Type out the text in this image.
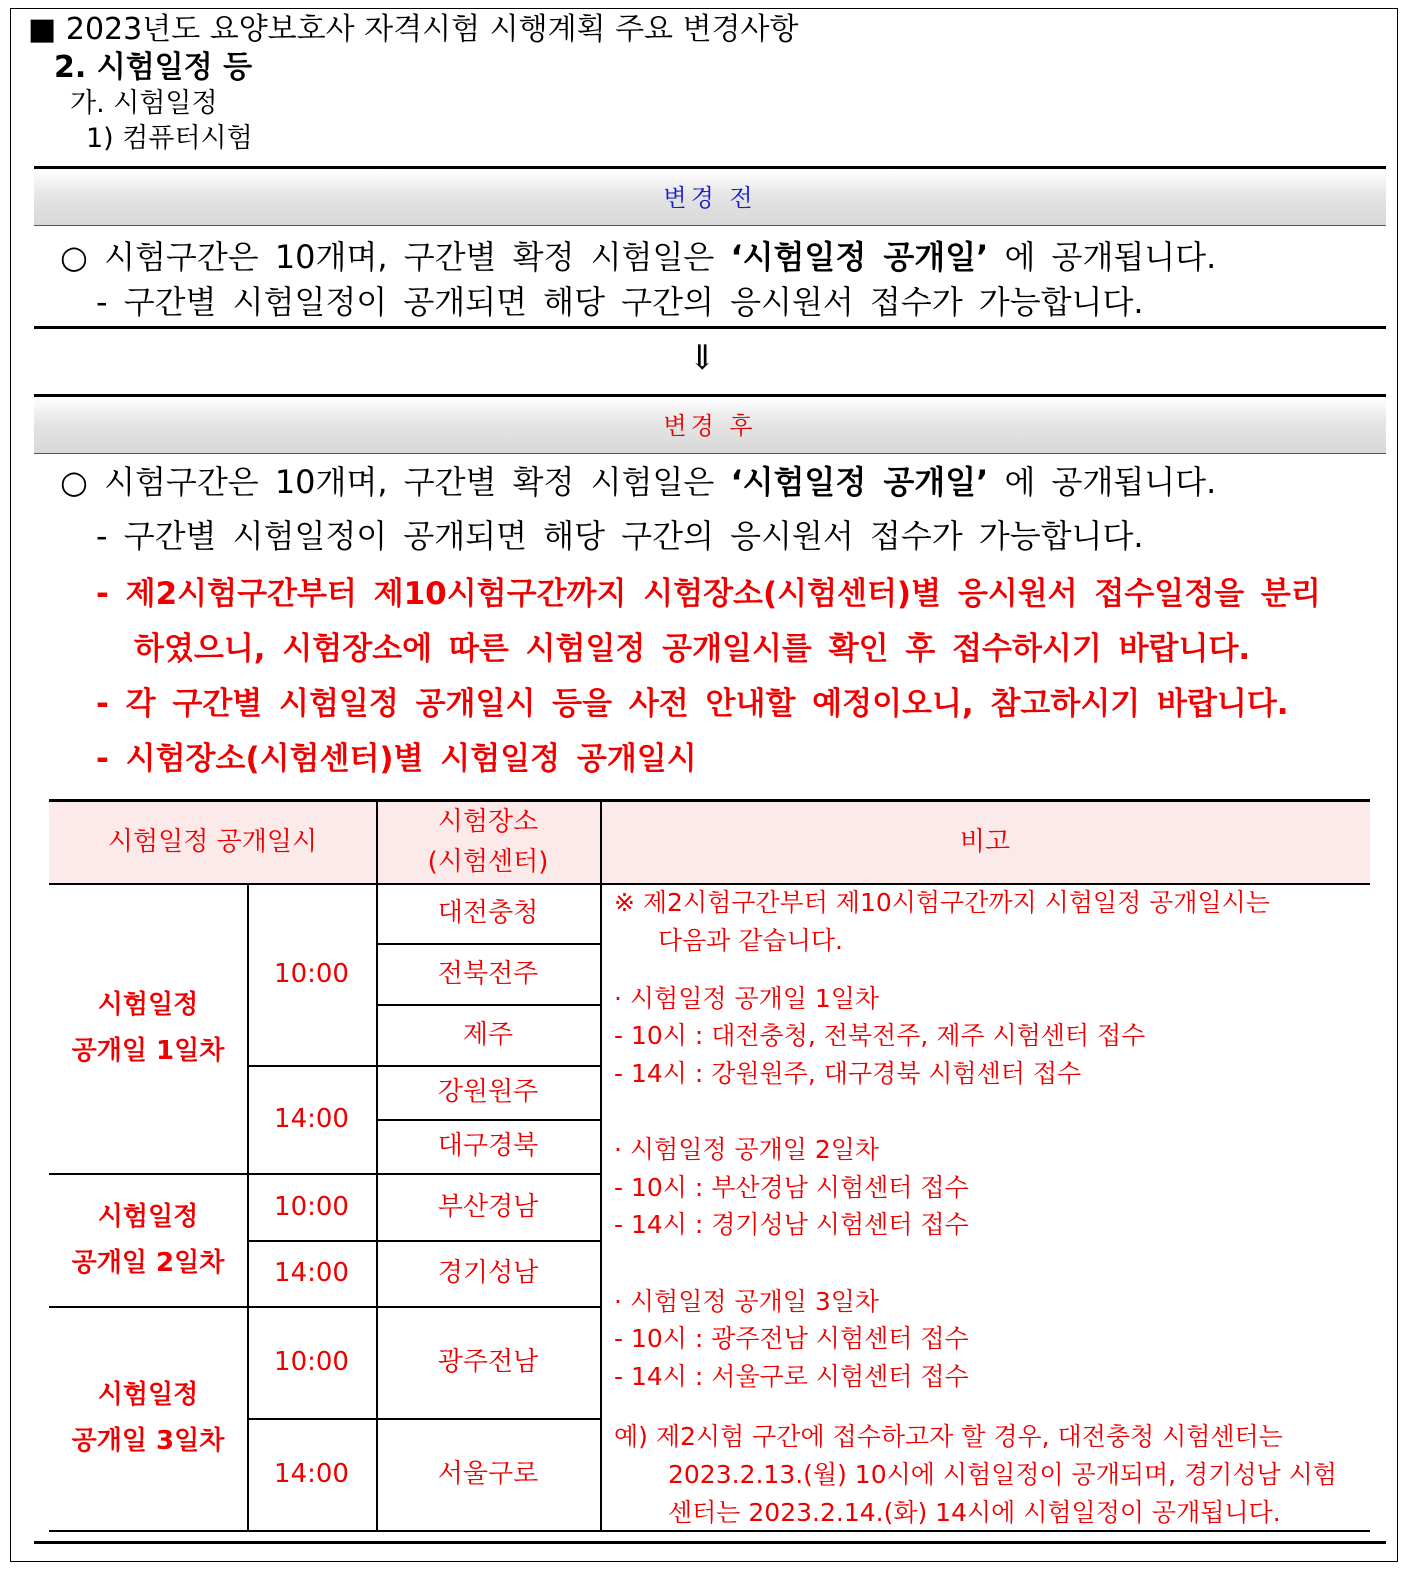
■ 2023년도 요양보호사 자격시험 시행계획 주요 변경사항
2. 시험일정 등
가. 시험일정
1) 컴퓨터시험
변경 전
○ 시험구간은 10개며, 구간별 확정 시험일은 ‘시험일정 공개일’ 에 공개됩니다.
- 구간별 시험일정이 공개되면 해당 구간의 응시원서 접수가 가능합니다.
⇓
변경 후
○ 시험구간은 10개며, 구간별 확정 시험일은 ‘시험일정 공개일’ 에 공개됩니다.
- 구간별 시험일정이 공개되면 해당 구간의 응시원서 접수가 가능합니다.
- 제2시험구간부터 제10시험구간까지 시험장소(시험센터)별 응시원서 접수일정을 분리
하였으니, 시험장소에 따른 시험일정 공개일시를 확인 후 접수하시기 바랍니다.
- 각 구간별 시험일정 공개일시 등을 사전 안내할 예정이오니, 참고하시기 바랍니다.
- 시험장소(시험센터)별 시험일정 공개일시
시험일정 공개일시
시험장소
(시험센터)
비고
시험일정
공개일 1일차
시험일정
공개일 2일차
시험일정
공개일 3일차
10:00
14:00
10:00
14:00
10:00
14:00
대전충청
전북전주
제주
강원원주
대구경북
부산경남
경기성남
광주전남
서울구로
※ 제2시험구간부터 제10시험구간까지 시험일정 공개일시는
다음과 같습니다.
· 시험일정 공개일 1일차
- 10시 : 대전충청, 전북전주, 제주 시험센터 접수
- 14시 : 강원원주, 대구경북 시험센터 접수
· 시험일정 공개일 2일차
- 10시 : 부산경남 시험센터 접수
- 14시 : 경기성남 시험센터 접수
· 시험일정 공개일 3일차
- 10시 : 광주전남 시험센터 접수
- 14시 : 서울구로 시험센터 접수
예) 제2시험 구간에 접수하고자 할 경우, 대전충청 시험센터는
2023.2.13.(월) 10시에 시험일정이 공개되며, 경기성남 시험
센터는 2023.2.14.(화) 14시에 시험일정이 공개됩니다.
